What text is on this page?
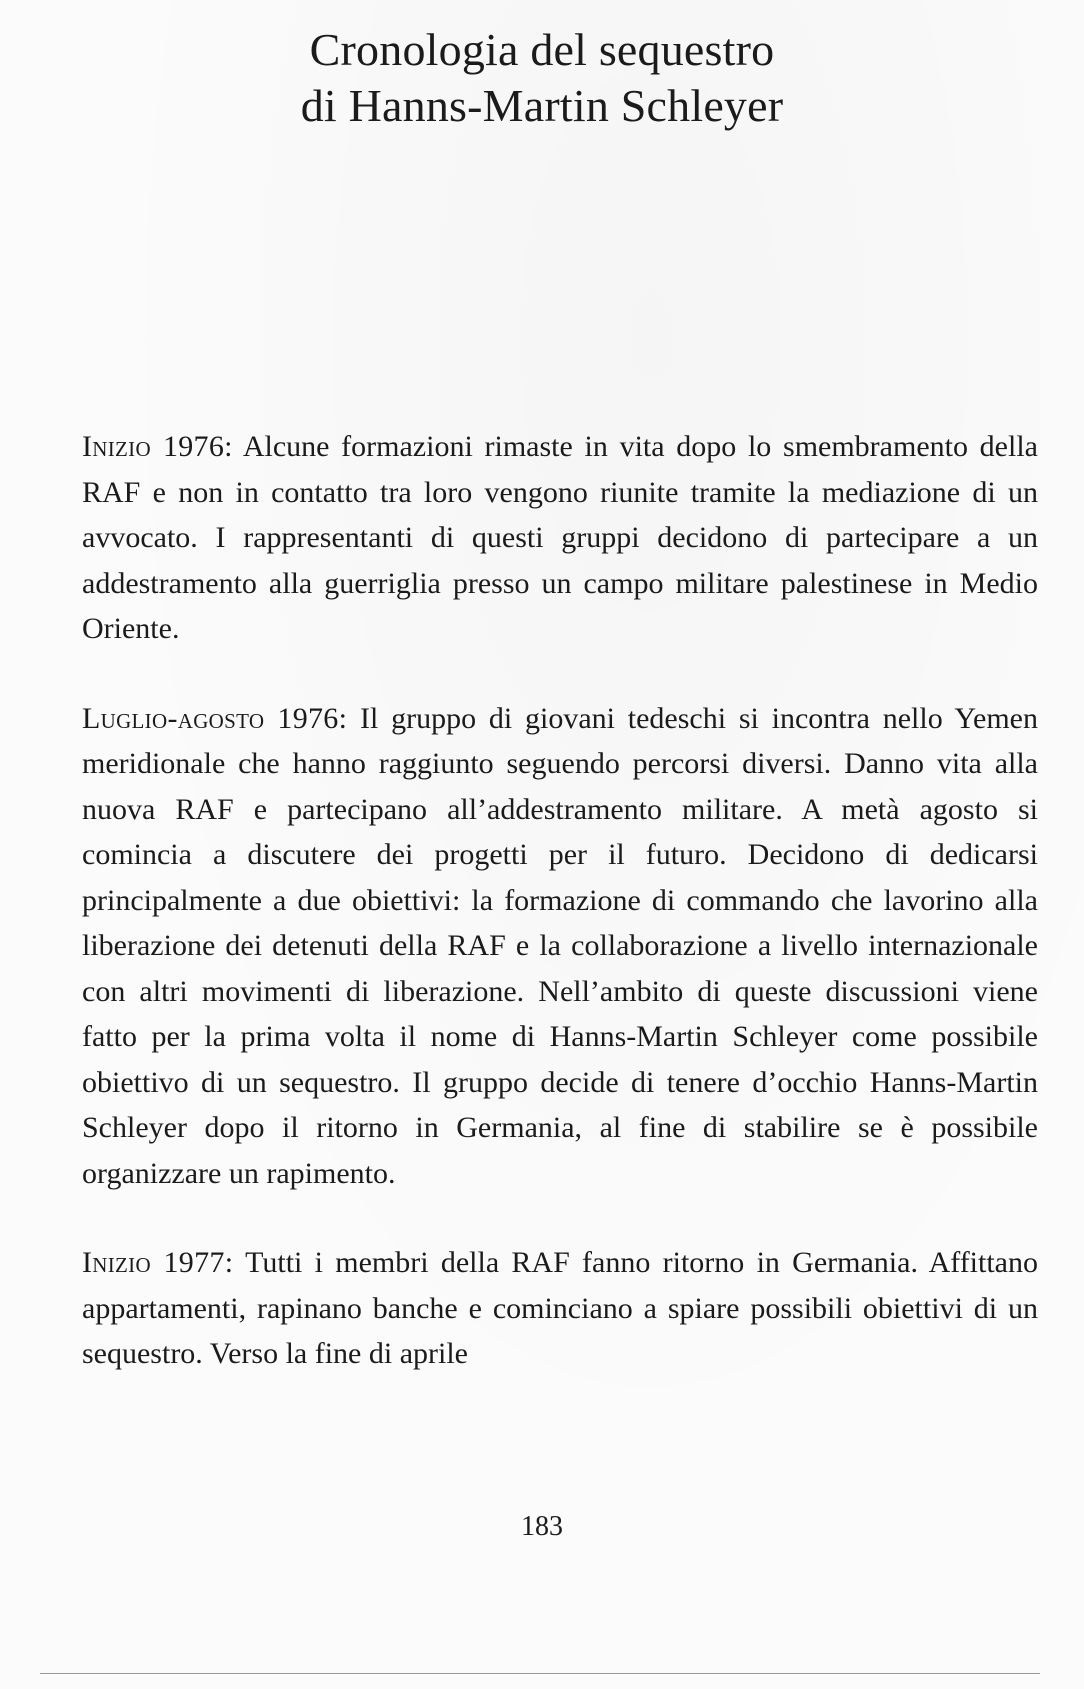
Cronologia del sequestro
di Hanns-Martin Schleyer

Inizio 1976: Alcune formazioni rimaste in vita dopo lo smembramento della RAF e non in contatto tra loro vengono riunite tramite la mediazione di un avvocato. I rappresentanti di questi gruppi decidono di partecipare a un addestramento alla guerriglia presso un campo militare palestinese in Medio Oriente.

Luglio-agosto 1976: Il gruppo di giovani tedeschi si incontra nello Yemen meridionale che hanno raggiunto seguendo percorsi diversi. Danno vita alla nuova RAF e partecipano all’addestramento militare. A metà agosto si comincia a discutere dei progetti per il futuro. Decidono di dedicarsi principalmente a due obiettivi: la formazione di commando che lavorino alla liberazione dei detenuti della RAF e la collaborazione a livello internazionale con altri movimenti di liberazione. Nell’ambito di queste discussioni viene fatto per la prima volta il nome di Hanns-Martin Schleyer come possibile obiettivo di un sequestro. Il gruppo decide di tenere d’occhio Hanns-Martin Schleyer dopo il ritorno in Germania, al fine di stabilire se è possibile organizzare un rapimento.

Inizio 1977: Tutti i membri della RAF fanno ritorno in Germania. Affittano appartamenti, rapinano banche e cominciano a spiare possibili obiettivi di un sequestro. Verso la fine di aprile

183
